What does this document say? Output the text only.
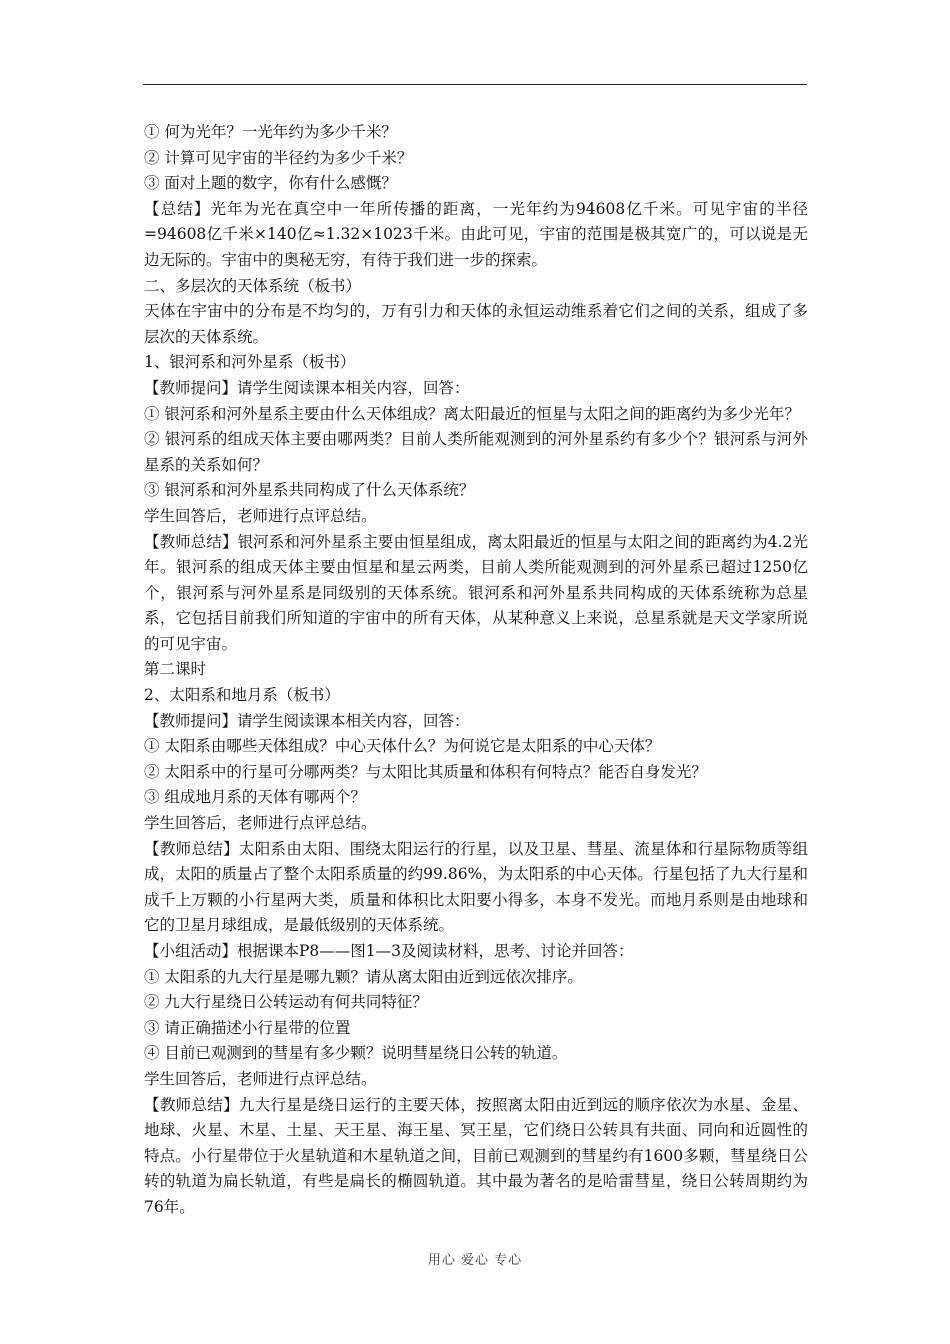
① 何为光年？一光年约为多少千米？

② 计算可见宇宙的半径约为多少千米？

③ 面对上题的数字，你有什么感慨？

【总结】光年为光在真空中一年所传播的距离，一光年约为94608亿千米。可见宇宙的半径=94608亿千米×140亿≈1.32×1023千米。由此可见，宇宙的范围是极其宽广的，可以说是无边无际的。宇宙中的奥秘无穷，有待于我们进一步的探索。

二、多层次的天体系统（板书）

天体在宇宙中的分布是不均匀的，万有引力和天体的永恒运动维系着它们之间的关系，组成了多层次的天体系统。

1、银河系和河外星系（板书）

【教师提问】请学生阅读课本相关内容，回答：

① 银河系和河外星系主要由什么天体组成？离太阳最近的恒星与太阳之间的距离约为多少光年？

② 银河系的组成天体主要由哪两类？目前人类所能观测到的河外星系约有多少个？银河系与河外星系的关系如何？

③ 银河系和河外星系共同构成了什么天体系统？

学生回答后，老师进行点评总结。

【教师总结】银河系和河外星系主要由恒星组成，离太阳最近的恒星与太阳之间的距离约为4.2光年。银河系的组成天体主要由恒星和星云两类，目前人类所能观测到的河外星系已超过1250亿个，银河系与河外星系是同级别的天体系统。银河系和河外星系共同构成的天体系统称为总星系，它包括目前我们所知道的宇宙中的所有天体，从某种意义上来说，总星系就是天文学家所说的可见宇宙。

第二课时

2、太阳系和地月系（板书）

【教师提问】请学生阅读课本相关内容，回答：

① 太阳系由哪些天体组成？中心天体什么？为何说它是太阳系的中心天体？

② 太阳系中的行星可分哪两类？与太阳比其质量和体积有何特点？能否自身发光？

③ 组成地月系的天体有哪两个？

学生回答后，老师进行点评总结。

【教师总结】太阳系由太阳、围绕太阳运行的行星，以及卫星、彗星、流星体和行星际物质等组成，太阳的质量占了整个太阳系质量的约99.86%，为太阳系的中心天体。行星包括了九大行星和成千上万颗的小行星两大类，质量和体积比太阳要小得多，本身不发光。而地月系则是由地球和它的卫星月球组成，是最低级别的天体系统。

【小组活动】根据课本P8——图1—3及阅读材料，思考、讨论并回答：

① 太阳系的九大行星是哪九颗？请从离太阳由近到远依次排序。

② 九大行星绕日公转运动有何共同特征？

③ 请正确描述小行星带的位置

④ 目前已观测到的彗星有多少颗？说明彗星绕日公转的轨道。

学生回答后，老师进行点评总结。

【教师总结】九大行星是绕日运行的主要天体，按照离太阳由近到远的顺序依次为水星、金星、地球、火星、木星、土星、天王星、海王星、冥王星，它们绕日公转具有共面、同向和近圆性的特点。小行星带位于火星轨道和木星轨道之间，目前已观测到的彗星约有1600多颗，彗星绕日公转的轨道为扁长轨道，有些是扁长的椭圆轨道。其中最为著名的是哈雷彗星，绕日公转周期约为76年。

用心 爱心 专心
